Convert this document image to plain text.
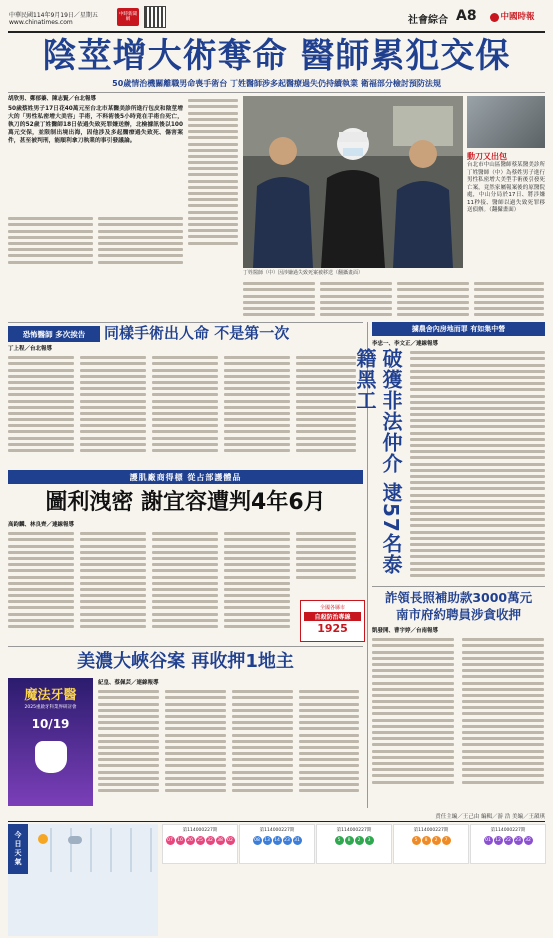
中華民國114年9月19日／星期五
www.chinatimes.com
中時新聞網	社會綜合 A8	中國時報
陰莖增大術奪命 醫師累犯交保
50歲情治機關離職男命喪手術台 丁姓醫師涉多起醫療過失仍持續執業 衛福部分檢討預防法規
胡欣男、鄭郁蓁、陳志賢／台北報導
50歲蔡姓男子17日花40萬元至台北市某醫美診所進行包皮和陰莖增大的「男性私密增大美容」手術，不料術後5小時竟在手術台死亡，執刀的52歲丁姓醫師18日依過失致死罪嫌送辦，北檢據訊後以100萬元交保，並限制出境出海，因他涉及多起醫療過失致死、傷害案件，甚至被判刑，能順利拿刀執業的事引發議論。
丁姓醫師（中）因涉嫌過失致死案被移送（翻攝畫面）
動刀又出包
台北市中山區醫師蔡某醫美診所丁姓醫師（中）為蔡姓男子進行男性私密增大美型手術後引發死亡案，竟然家屬報案後的原醫院處，中山分局於17日、將涉嫌11秒接、醫師以過失致死罪移送偵辦。（翻攝畫面）
恐怖醫師 多次挨告 同樣手術出人命 不是第一次
丁上程／台北報導
護肌廠商得標 從占部護體品
圖利洩密 謝宜容遭判4年6月
高鈞麟、林良齊／連線報導
全國各縣市
自殺防治專線
1925
美濃大峽谷案 再收押1地主
魔法牙醫
2025重啟牙科業界研討會
10/19
紀皇、蔡佩芸／連線報導
擄農舍內房地而罪 有如集中營
李忠一、李文正／連線報導
破獲非法仲介 逮57名泰籍黑工
詐領長照補助款3000萬元
南市府約聘員涉貪收押
凱發開、曹宇婷／台南報導
責任主編／王己由 編輯／游 浩 美編／王韻琪
今日天氣
第114000227期
07 10 20 25 32 38 02
第114000227期
08 13 14 23 31
第114000227期
5	8	2	3
第114000227期
5	8	2	7
第114000227期
01 12 22 23 32
